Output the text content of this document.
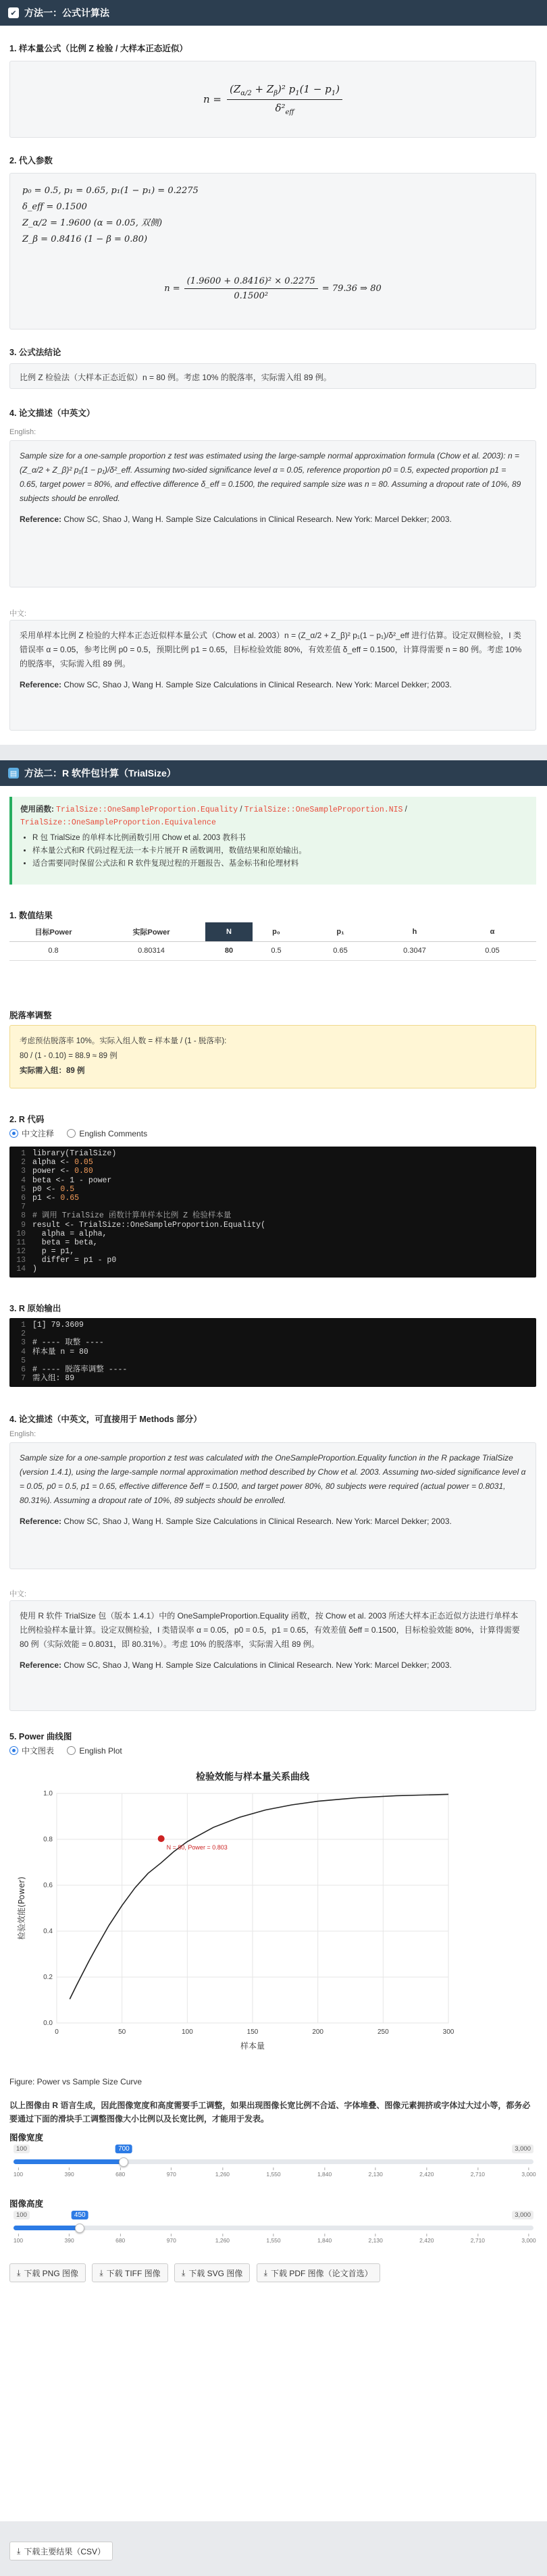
✔ 方法一：公式计算法
1. 样本量公式（比例 Z 检验 / 大样本正态近似）
$n = \frac{(Z_{\alpha/2} + Z_\beta)^2 p_1(1 - p_1)}{\delta^2_{eff}}$
2. 代入参数
p₀ = 0.5, p₁ = 0.65, p₁(1 − p₁) = 0.2275
δ_eff = 0.1500
Z_α/2 = 1.9600 (α = 0.05, 双侧)
Z_β = 0.8416 (1 − β = 0.80)
$n = \frac{\text{(1.9600 + 0.8416)² × 0.2275}}{\text{0.1500²}} = 79.36$ ⇒ 80
3. 公式法结论
比例 Z 检验法（大样本正态近似）n = 80 例。考虑 10% 的脱落率，实际需入组 89 例。
4. 论文描述（中英文）
English:
Sample size for a one-sample proportion z test was estimated using the large-sample normal approximation formula (Chow et al. 2003): n = (Z_α/2 + Z_β)² p₁(1 − p₁)/δ²_eff. Assuming two-sided significance level α = 0.05, reference proportion p0 = 0.5, expected proportion p1 = 0.65, target power = 80%, and effective difference δ_eff = 0.1500, the required sample size was n = 80. Assuming a dropout rate of 10%, 89 subjects should be enrolled.
Reference: Chow SC, Shao J, Wang H. Sample Size Calculations in Clinical Research. New York: Marcel Dekker; 2003.
中文:
采用单样本比例 Z 检验的大样本正态近似样本量公式（Chow et al. 2003）n = (Z_α/2 + Z_β)² p₁(1 − p₁)/δ²_eff 进行估算。设定双侧检验，I 类错误率 α = 0.05，参考比例 p0 = 0.5，预期比例 p1 = 0.65，目标检验效能 80%，有效差值 δ_eff = 0.1500，计算得需要 n = 80 例。考虑 10% 的脱落率，实际需入组 89 例。
Reference: Chow SC, Shao J, Wang H. Sample Size Calculations in Clinical Research. New York: Marcel Dekker; 2003.
▤ 方法二：R 软件包计算（TrialSize）
使用函数: TrialSize::OneSampleProportion.Equality / TrialSize::OneSampleProportion.NIS /
TrialSize::OneSampleProportion.Equivalence
• R 包 TrialSize 的单样本比例函数引用 Chow et al. 2003 教科书
• 样本量公式和R 代码过程无法一本卡片展开 R 函数调用，数值结果和原始输出。
• 适合需要同时保留公式法和 R 软件复现过程的开题报告、基金标书和伦理材料
1. 数值结果
目标Power	实际Power	N	p₀	p₁	h	α
0.8	0.80314	80	0.5	0.65	0.3047	0.05
脱落率调整
考虑预估脱落率 10%。实际入组人数 = 样本量 / (1 - 脱落率):
80 / (1 - 0.10) = 88.9 ≈ 89 例
实际需入组：89 例
2. R 代码
中文注释
	English Comments
1 library(TrialSize)
2 alpha <- 0.05
3 power <- 0.80
4 beta <- 1 - power
5 p0 <- 0.5
6 p1 <- 0.65
7
8 # 调用 TrialSize 函数计算单样本比例 Z 检验样本量
9 result <- TrialSize::OneSampleProportion.Equality(
10  alpha = alpha,
11  beta = beta,
12  p = p1,
13  differ = p1 - p0
14 )
3. R 原始输出
1 [1] 79.3609
2
3 # ---- 取整 ----
4 样本量 n = 80
5
6 # ---- 脱落率调整 ----
7 需入组: 89
4. 论文描述（中英文，可直接用于 Methods 部分）
English:
Sample size for a one-sample proportion z test was calculated with the OneSampleProportion.Equality function in the R package TrialSize (version 1.4.1), using the large-sample normal approximation method described by Chow et al. 2003. Assuming two-sided significance level α = 0.05, p0 = 0.5, p1 = 0.65, effective difference δeff = 0.1500, and target power 80%, 80 subjects were required (actual power = 0.8031, 80.31%). Assuming a dropout rate of 10%, 89 subjects should be enrolled.
Reference: Chow SC, Shao J, Wang H. Sample Size Calculations in Clinical Research. New York: Marcel Dekker; 2003.
中文:
使用 R 软件 TrialSize 包（版本 1.4.1）中的 OneSampleProportion.Equality 函数，按 Chow et al. 2003 所述大样本正态近似方法进行单样本比例检验样本量计算。设定双侧检验，I 类错误率 α = 0.05，p0 = 0.5，p1 = 0.65，有效差值 δeff = 0.1500，目标检验效能 80%，计算得需要 80 例（实际效能 = 0.8031，即 80.31%）。考虑 10% 的脱落率，实际需入组 89 例。
Reference: Chow SC, Shao J, Wang H. Sample Size Calculations in Clinical Research. New York: Marcel Dekker; 2003.
5. Power 曲线图
中文图表
	English Plot
0	50	100	150	200	250	300
0.0
0.2
0.4
0.6
0.8
1.0
检验效能与样本量关系曲线
样本量
检验效能(Power)
N = 80, Power = 0.803
Figure: Power vs Sample Size Curve
以上图像由 R 语言生成，因此图像宽度和高度需要手工调整，如果出现图像长宽比例不合适、字体堆叠、图像元素拥挤或字体过大过小等，都务必要通过下面的滑块手工调整图像大小比例以及长宽比例，才能用于发表。
图像宽度
100	3,000
700
100	390	680	970	1,260	1,550	1,840	2,130	2,420	2,710	3,000
图像高度
100	3,000
450
100	390	680	970	1,260	1,550	1,840	2,130	2,420	2,710	3,000
⤓ 下载 PNG 图像
	⤓ 下载 TIFF 图像
	⤓ 下载 SVG 图像
	⤓ 下载 PDF 图像（论文首选）
⤓ 下载主要结果（CSV）
